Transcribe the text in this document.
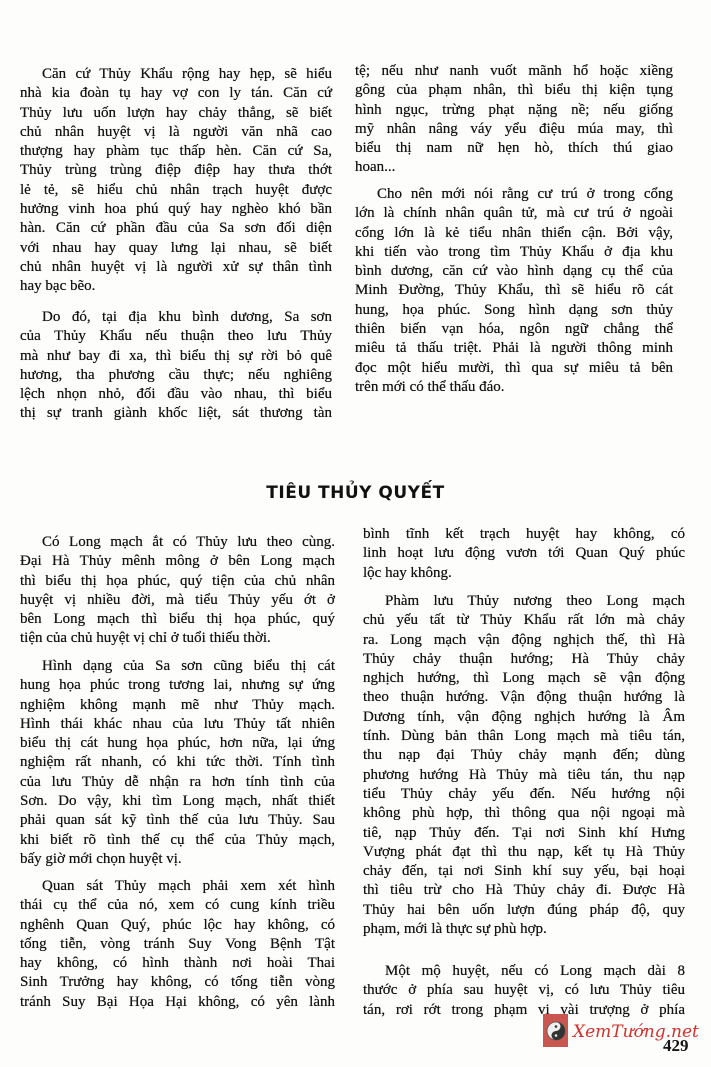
TIÊU THỦY QUYẾT
XemTướng.net
429
Căn cứ Thủy Khẩu rộng hay hẹp, sẽ hiểu
nhà kia đoàn tụ hay vợ con ly tán. Căn cứ
Thủy lưu uốn lượn hay chảy thẳng, sẽ biết
chủ nhân huyệt vị là người văn nhã cao
thượng hay phàm tục thấp hèn. Căn cứ Sa,
Thủy trùng trùng điệp điệp hay thưa thớt
lẻ tẻ, sẽ hiểu chủ nhân trạch huyệt được
hưởng vinh hoa phú quý hay nghèo khó bần
hàn. Căn cứ phần đầu của Sa sơn đối diện
với nhau hay quay lưng lại nhau, sẽ biết
chủ nhân huyệt vị là người xử sự thân tình
hay bạc bẽo.
Do đó, tại địa khu bình dương, Sa sơn
của Thủy Khẩu nếu thuận theo lưu Thủy
mà như bay đi xa, thì biểu thị sự rời bỏ quê
hương, tha phương cầu thực; nếu nghiêng
lệch nhọn nhỏ, đối đầu vào nhau, thì biểu
thị sự tranh giành khốc liệt, sát thương tàn
tệ; nếu như nanh vuốt mãnh hổ hoặc xiềng
gông của phạm nhân, thì biểu thị kiện tụng
hình ngục, trừng phạt nặng nề; nếu giống
mỹ nhân nâng váy yểu điệu múa may, thì
biểu thị nam nữ hẹn hò, thích thú giao
hoan...
Cho nên mới nói rằng cư trú ở trong cổng
lớn là chính nhân quân tử, mà cư trú ở ngoài
cổng lớn là kẻ tiểu nhân thiển cận. Bởi vậy,
khi tiến vào trong tìm Thủy Khẩu ở địa khu
bình dương, căn cứ vào hình dạng cụ thể của
Minh Đường, Thủy Khẩu, thì sẽ hiểu rõ cát
hung, họa phúc. Song hình dạng sơn thủy
thiên biến vạn hóa, ngôn ngữ chẳng thể
miêu tả thấu triệt. Phải là người thông minh
đọc một hiểu mười, thì qua sự miêu tả bên
trên mới có thể thấu đáo.
Có Long mạch ắt có Thủy lưu theo cùng.
Đại Hà Thủy mênh mông ở bên Long mạch
thì biểu thị họa phúc, quý tiện của chủ nhân
huyệt vị nhiều đời, mà tiểu Thủy yếu ớt ở
bên Long mạch thì biểu thị họa phúc, quý
tiện của chủ huyệt vị chỉ ở tuổi thiếu thời.
Hình dạng của Sa sơn cũng biểu thị cát
hung họa phúc trong tương lai, nhưng sự ứng
nghiệm không mạnh mẽ như Thủy mạch.
Hình thái khác nhau của lưu Thủy tất nhiên
biểu thị cát hung họa phúc, hơn nữa, lại ứng
nghiệm rất nhanh, có khi tức thời. Tính tình
của lưu Thủy dễ nhận ra hơn tính tình của
Sơn. Do vậy, khi tìm Long mạch, nhất thiết
phải quan sát kỹ tình thế của lưu Thủy. Sau
khi biết rõ tình thế cụ thể của Thủy mạch,
bấy giờ mới chọn huyệt vị.
Quan sát Thủy mạch phải xem xét hình
thái cụ thể của nó, xem có cung kính triều
nghênh Quan Quý, phúc lộc hay không, có
tống tiễn, vòng tránh Suy Vong Bệnh Tật
hay không, có hình thành nơi hoài Thai
Sinh Trưởng hay không, có tống tiễn vòng
tránh Suy Bại Họa Hại không, có yên lành
bình tĩnh kết trạch huyệt hay không, có
linh hoạt lưu động vươn tới Quan Quý phúc
lộc hay không.
Phàm lưu Thủy nương theo Long mạch
chủ yếu tất từ Thủy Khẩu rất lớn mà chảy
ra. Long mạch vận động nghịch thế, thì Hà
Thủy chảy thuận hướng; Hà Thủy chảy
nghịch hướng, thì Long mạch sẽ vận động
theo thuận hướng. Vận động thuận hướng là
Dương tính, vận động nghịch hướng là Âm
tính. Dùng bản thân Long mạch mà tiêu tán,
thu nạp đại Thủy chảy mạnh đến; dùng
phương hướng Hà Thủy mà tiêu tán, thu nạp
tiểu Thủy chảy yếu đến. Nếu hướng nội
không phù hợp, thì thông qua nội ngoại mà
tiê, nạp Thủy đến. Tại nơi Sinh khí Hưng
Vượng phát đạt thì thu nạp, kết tụ Hà Thủy
chảy đến, tại nơi Sinh khí suy yếu, bại hoại
thì tiêu trừ cho Hà Thủy chảy đi. Được Hà
Thủy hai bên uốn lượn đúng pháp độ, quy
phạm, mới là thực sự phù hợp.
Một mộ huyệt, nếu có Long mạch dài 8
thước ở phía sau huyệt vị, có lưu Thủy tiêu
tán, rơi rớt trong phạm vi vài trượng ở phía
